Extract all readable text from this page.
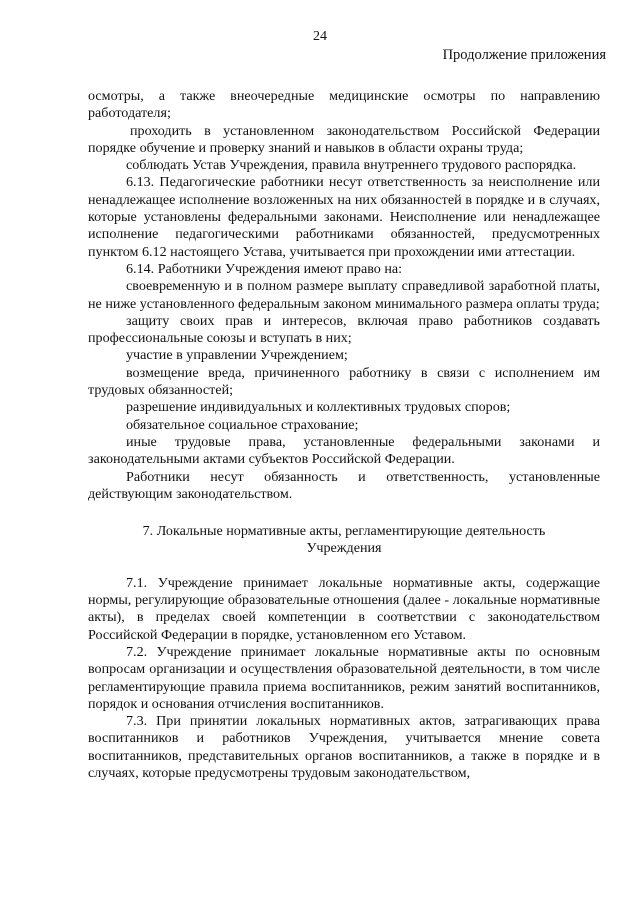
24
Продолжение приложения

осмотры, а также внеочередные медицинские осмотры по направлению работодателя;

проходить в установленном законодательством Российской Федерации порядке обучение и проверку знаний и навыков в области охраны труда;

соблюдать Устав Учреждения, правила внутреннего трудового распорядка.

6.13. Педагогические работники несут ответственность за неисполнение или ненадлежащее исполнение возложенных на них обязанностей в порядке и в случаях, которые установлены федеральными законами. Неисполнение или ненадлежащее исполнение педагогическими работниками обязанностей, предусмотренных пунктом 6.12 настоящего Устава, учитывается при прохождении ими аттестации.

6.14. Работники Учреждения имеют право на:

своевременную и в полном размере выплату справедливой заработной платы, не ниже установленного федеральным законом минимального размера оплаты труда;

защиту своих прав и интересов, включая право работников создавать профессиональные союзы и вступать в них;

участие в управлении Учреждением;

возмещение вреда, причиненного работнику в связи с исполнением им трудовых обязанностей;

разрешение индивидуальных и коллективных трудовых споров;

обязательное социальное страхование;

иные трудовые права, установленные федеральными законами и законодательными актами субъектов Российской Федерации.

Работники несут обязанность и ответственность, установленные действующим законодательством.

7. Локальные нормативные акты, регламентирующие деятельность
Учреждения

7.1. Учреждение принимает локальные нормативные акты, содержащие нормы, регулирующие образовательные отношения (далее - локальные нормативные акты), в пределах своей компетенции в соответствии с законодательством Российской Федерации в порядке, установленном его Уставом.

7.2. Учреждение принимает локальные нормативные акты по основным вопросам организации и осуществления образовательной деятельности, в том числе регламентирующие правила приема воспитанников, режим занятий воспитанников, порядок и основания отчисления воспитанников.

7.3. При принятии локальных нормативных актов, затрагивающих права воспитанников и работников Учреждения, учитывается мнение совета воспитанников, представительных органов воспитанников, а также в порядке и в случаях, которые предусмотрены трудовым законодательством,
